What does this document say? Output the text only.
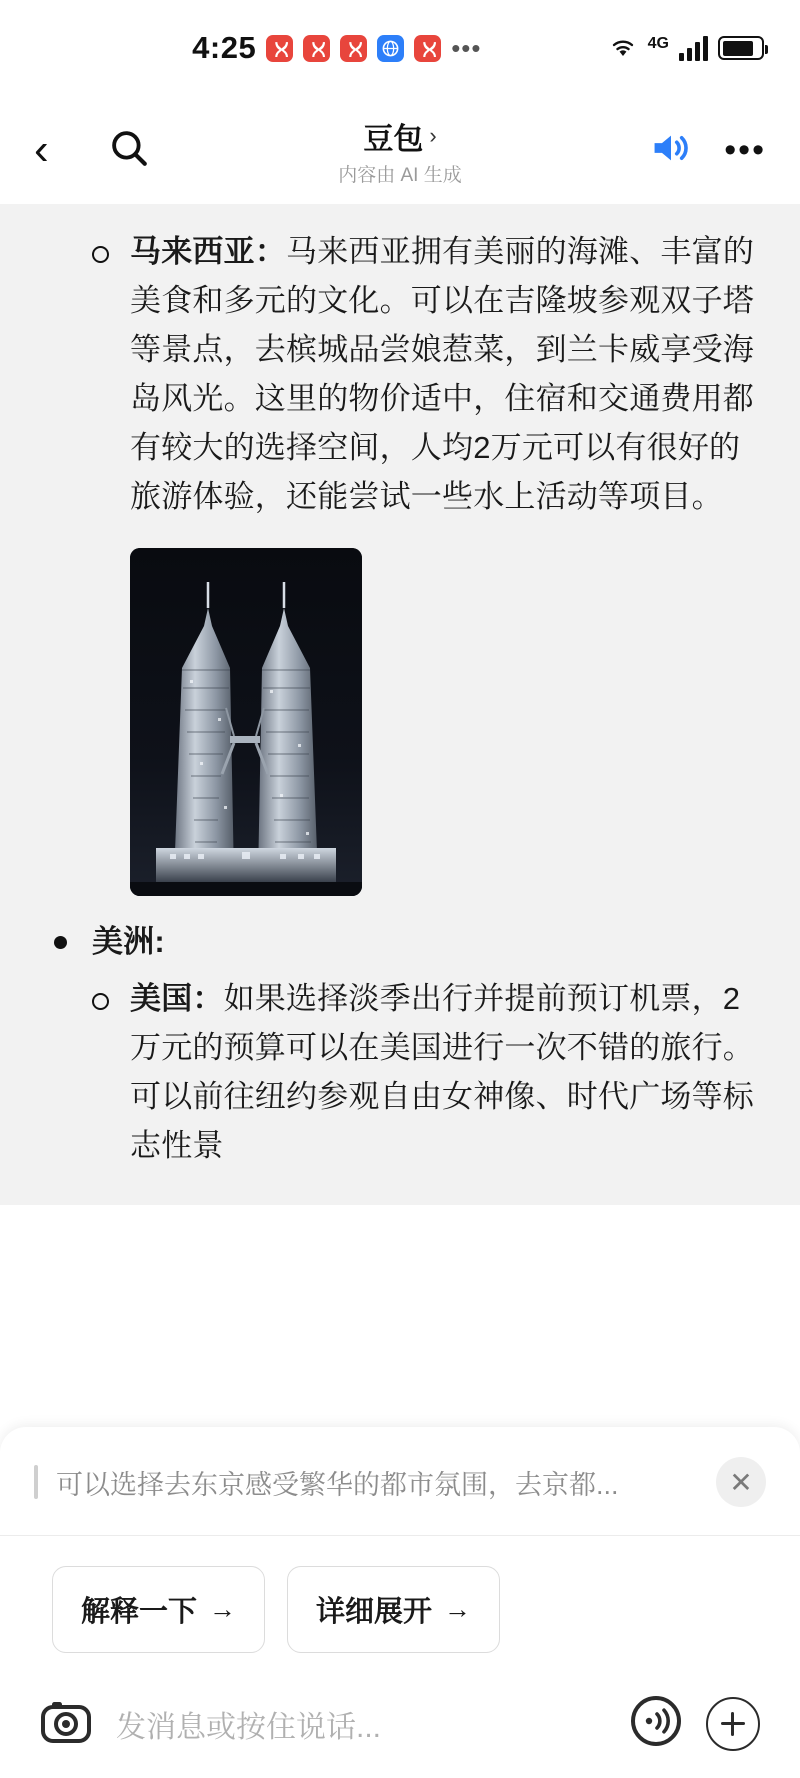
4:25	•••	4G
‹	豆包 ›
内容由 AI 生成
•••
马来西亚：马来西亚拥有美丽的海滩、丰富的美食和多元的文化。可以在吉隆坡参观双子塔等景点，去槟城品尝娘惹菜，到兰卡威享受海岛风光。这里的物价适中，住宿和交通费用都有较大的选择空间，人均2万元可以有很好的旅游体验，还能尝试一些水上活动等项目。
美洲:
美国：如果选择淡季出行并提前预订机票，2万元的预算可以在美国进行一次不错的旅行。可以前往纽约参观自由女神像、时代广场等标志性景
可以选择去东京感受繁华的都市氛围，去京都...	✕
解释一下 →	详细展开 →
发消息或按住说话...
